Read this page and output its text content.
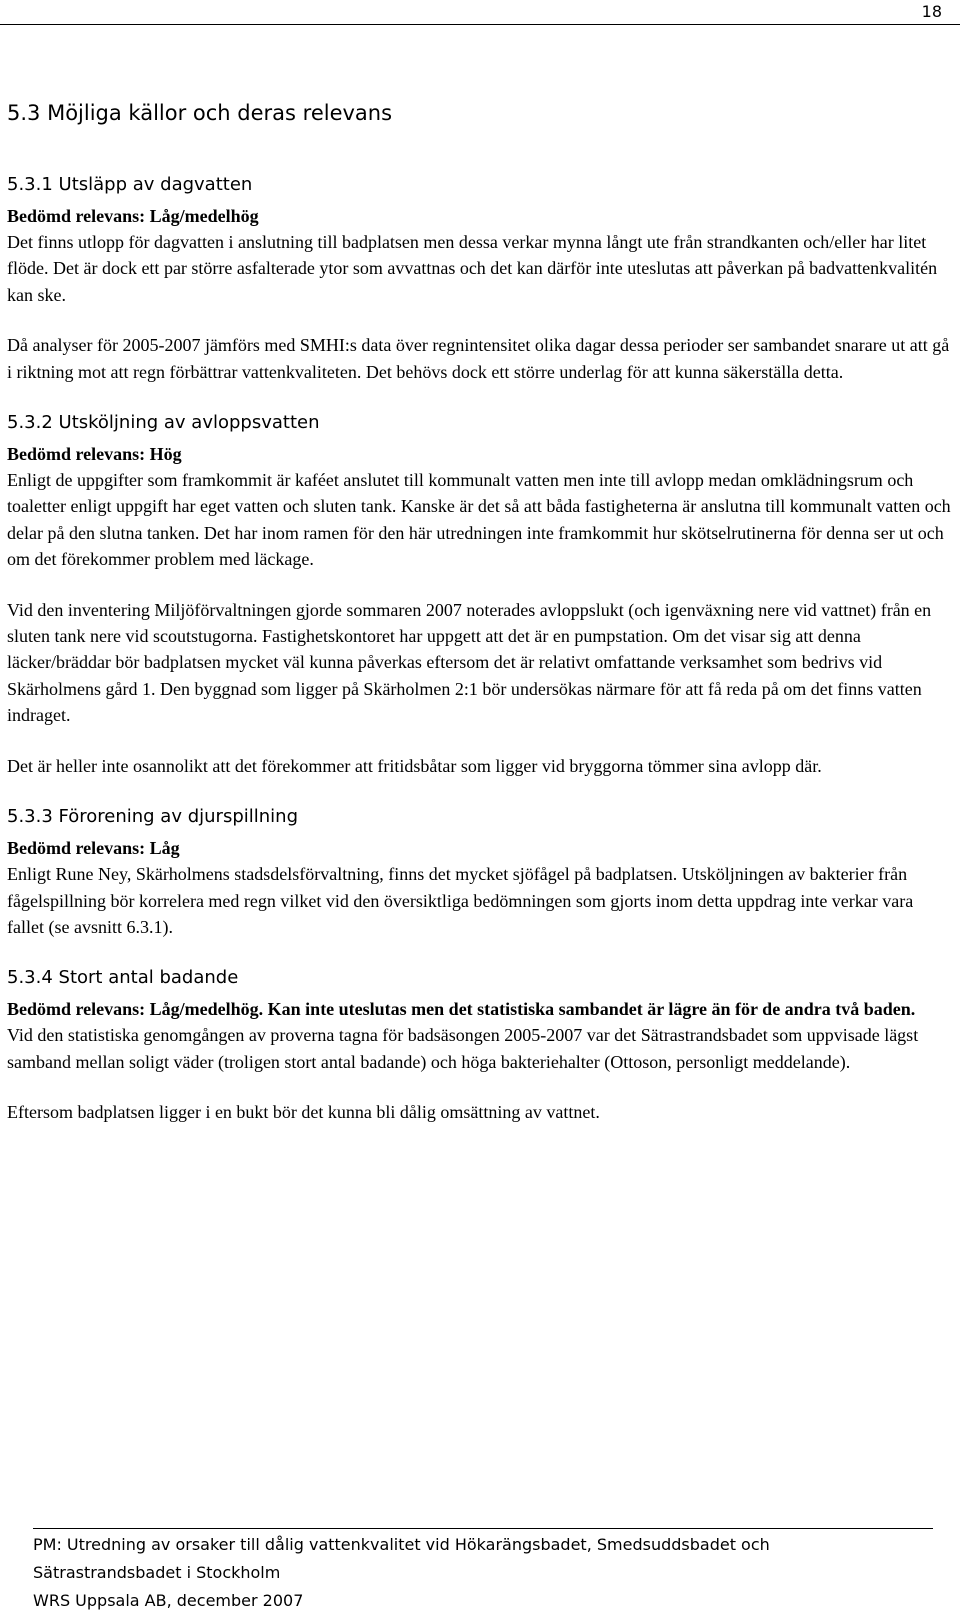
18
5.3 Möjliga källor och deras relevans
5.3.1 Utsläpp av dagvatten
Bedömd relevans: Låg/medelhög

Det finns utlopp för dagvatten i anslutning till badplatsen men dessa verkar mynna långt ute från strandkanten och/eller har litet flöde. Det är dock ett par större asfalterade ytor som avvattnas och det kan därför inte uteslutas att påverkan på badvattenkvalitén kan ske.

Då analyser för 2005-2007 jämförs med SMHI:s data över regnintensitet olika dagar dessa perioder ser sambandet snarare ut att gå i riktning mot att regn förbättrar vattenkvaliteten. Det behövs dock ett större underlag för att kunna säkerställa detta.

5.3.2 Utsköljning av avloppsvatten
Bedömd relevans: Hög

Enligt de uppgifter som framkommit är kaféet anslutet till kommunalt vatten men inte till avlopp medan omklädningsrum och toaletter enligt uppgift har eget vatten och sluten tank. Kanske är det så att båda fastigheterna är anslutna till kommunalt vatten och delar på den slutna tanken. Det har inom ramen för den här utredningen inte framkommit hur skötselrutinerna för denna ser ut och om det förekommer problem med läckage.

Vid den inventering Miljöförvaltningen gjorde sommaren 2007 noterades avloppslukt (och igenväxning nere vid vattnet) från en sluten tank nere vid scoutstugorna. Fastighetskontoret har uppgett att det är en pumpstation. Om det visar sig att denna läcker/bräddar bör badplatsen mycket väl kunna påverkas eftersom det är relativt omfattande verksamhet som bedrivs vid Skärholmens gård 1. Den byggnad som ligger på Skärholmen 2:1 bör undersökas närmare för att få reda på om det finns vatten indraget.

Det är heller inte osannolikt att det förekommer att fritidsbåtar som ligger vid bryggorna tömmer sina avlopp där.

5.3.3 Förorening av djurspillning
Bedömd relevans: Låg

Enligt Rune Ney, Skärholmens stadsdelsförvaltning, finns det mycket sjöfågel på badplatsen. Utsköljningen av bakterier från fågelspillning bör korrelera med regn vilket vid den översiktliga bedömningen som gjorts inom detta uppdrag inte verkar vara fallet (se avsnitt 6.3.1).

5.3.4 Stort antal badande
Bedömd relevans: Låg/medelhög. Kan inte uteslutas men det statistiska sambandet är lägre än för de andra två baden.

Vid den statistiska genomgången av proverna tagna för badsäsongen 2005-2007 var det Sätrastrandsbadet som uppvisade lägst samband mellan soligt väder (troligen stort antal badande) och höga bakteriehalter (Ottoson, personligt meddelande).

Eftersom badplatsen ligger i en bukt bör det kunna bli dålig omsättning av vattnet.

PM: Utredning av orsaker till dålig vattenkvalitet vid Hökarängsbadet, Smedsuddsbadet och

Sätrastrandsbadet i Stockholm

WRS Uppsala AB, december 2007
